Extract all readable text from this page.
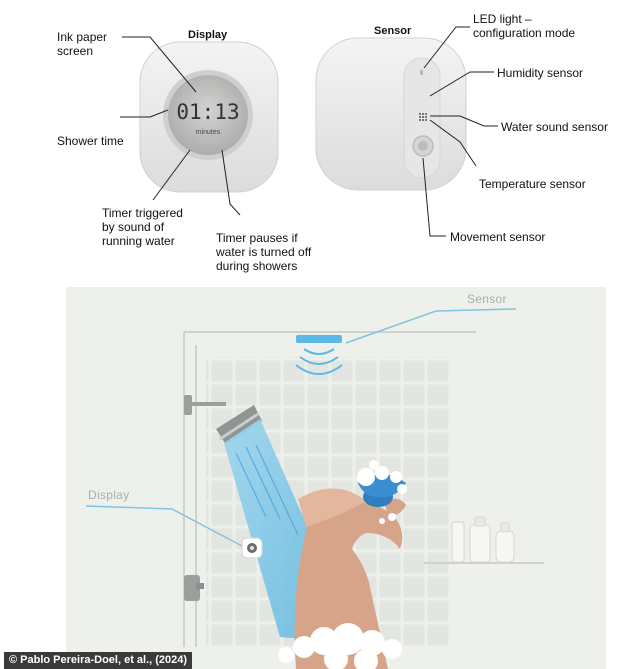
01:13
minutes
Display	Sensor
Ink paper
screen
Shower time
Timer triggered
by sound of
running water	Timer pauses if
water is turned off
during showers
LED light –
configuration mode
Humidity sensor
Water sound sensor
Temperature sensor
Movement sensor
Sensor
Display
© Pablo Pereira-Doel, et al., (2024)
